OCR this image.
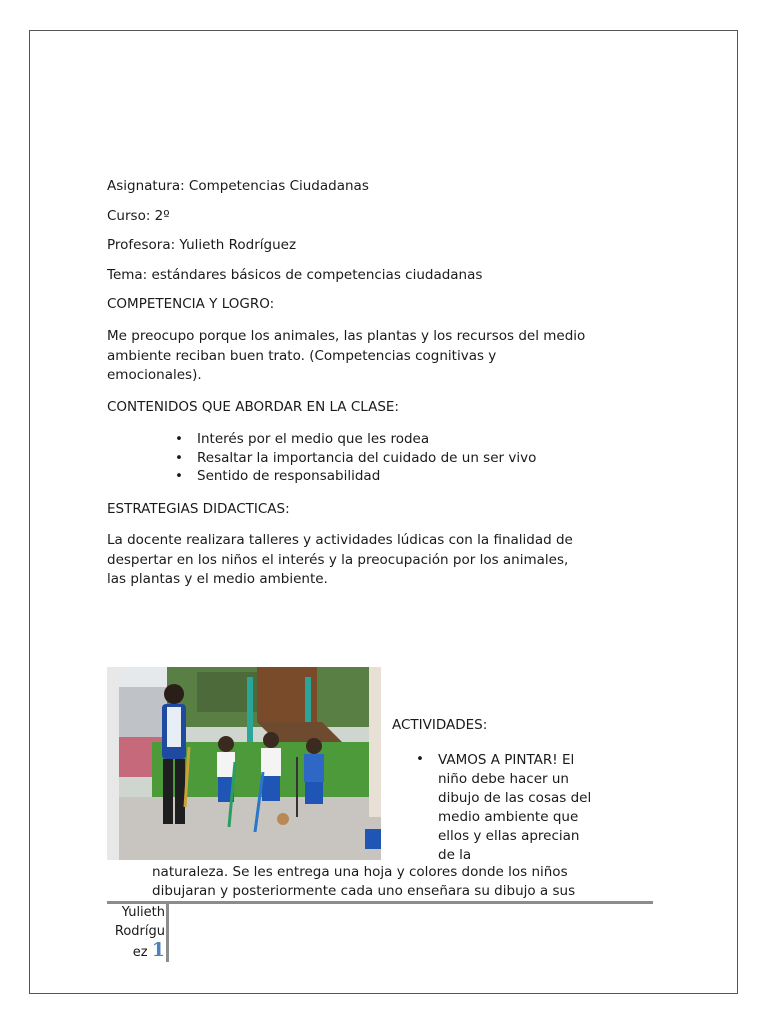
Asignatura: Competencias Ciudadanas
Curso: 2º
Profesora: Yulieth Rodríguez
Tema: estándares básicos de competencias ciudadanas
COMPETENCIA Y LOGRO:
Me preocupo porque los animales, las plantas y los recursos del medio ambiente reciban buen trato. (Competencias cognitivas y emocionales).
CONTENIDOS QUE ABORDAR EN LA CLASE:
• Interés por el medio que les rodea
• Resaltar la importancia del cuidado de un ser vivo
• Sentido de responsabilidad
ESTRATEGIAS DIDACTICAS:
La docente realizara talleres y actividades lúdicas con la finalidad de despertar en los niños el interés y la preocupación por los animales, las plantas y el medio ambiente.
ACTIVIDADES:
• VAMOS A PINTAR! El niño debe hacer un dibujo de las cosas del medio ambiente que ellos y ellas aprecian de la
naturaleza. Se les entrega una hoja y colores donde los niños dibujaran y posteriormente cada uno enseñara su dibujo a sus
Yulieth
Rodrígu
ez 1
